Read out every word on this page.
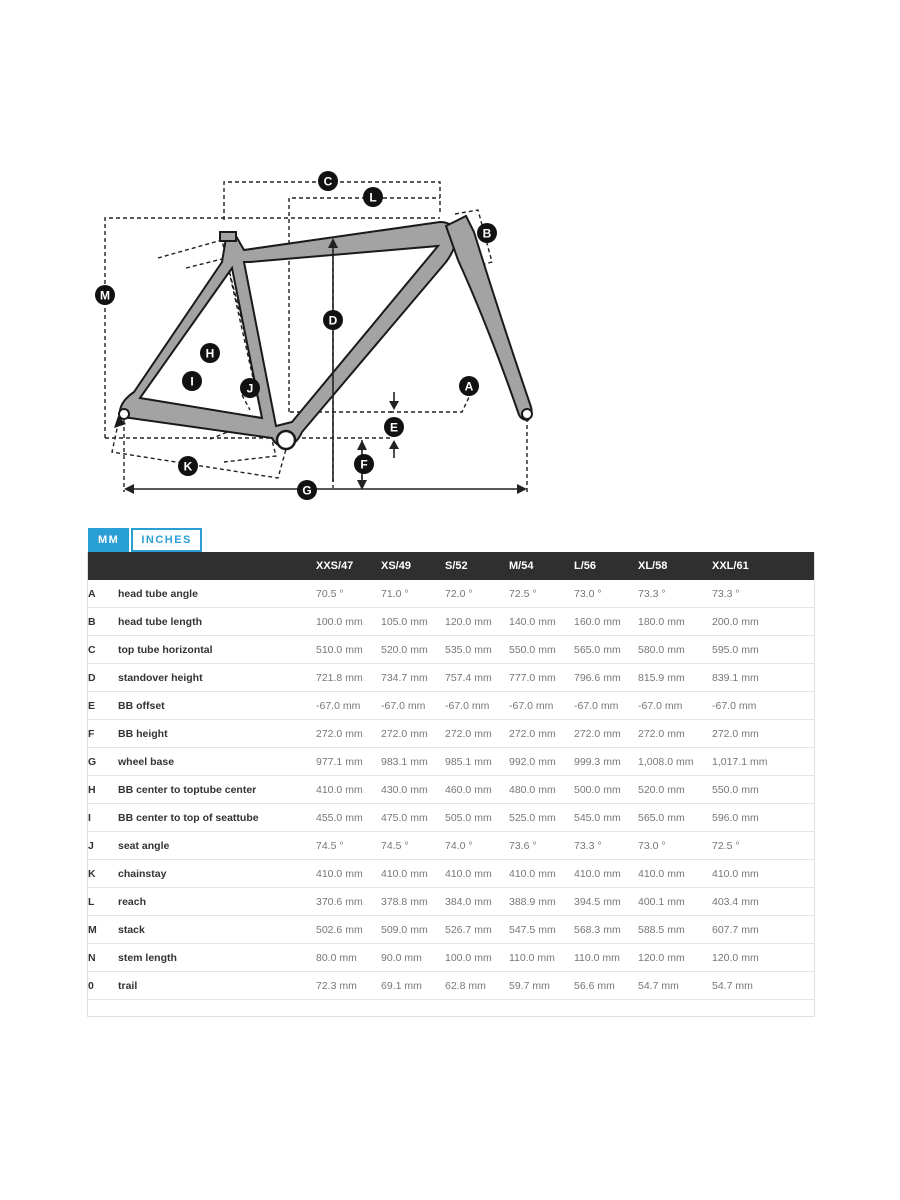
A
B
C
D
E
F
G
H
I	J
K
L
M
MM	INCHES
		XXS/47	XS/49	S/52	M/54	L/56	XL/58	XXL/61
A	head tube angle	70.5 °	71.0 °	72.0 °	72.5 °	73.0 °	73.3 °	73.3 °
B	head tube length	100.0 mm	105.0 mm	120.0 mm	140.0 mm	160.0 mm	180.0 mm	200.0 mm
C	top tube horizontal	510.0 mm	520.0 mm	535.0 mm	550.0 mm	565.0 mm	580.0 mm	595.0 mm
D	standover height	721.8 mm	734.7 mm	757.4 mm	777.0 mm	796.6 mm	815.9 mm	839.1 mm
E	BB offset	-67.0 mm	-67.0 mm	-67.0 mm	-67.0 mm	-67.0 mm	-67.0 mm	-67.0 mm
F	BB height	272.0 mm	272.0 mm	272.0 mm	272.0 mm	272.0 mm	272.0 mm	272.0 mm
G	wheel base	977.1 mm	983.1 mm	985.1 mm	992.0 mm	999.3 mm	1,008.0 mm	1,017.1 mm
H	BB center to toptube center	410.0 mm	430.0 mm	460.0 mm	480.0 mm	500.0 mm	520.0 mm	550.0 mm
I	BB center to top of seattube	455.0 mm	475.0 mm	505.0 mm	525.0 mm	545.0 mm	565.0 mm	596.0 mm
J	seat angle	74.5 °	74.5 °	74.0 °	73.6 °	73.3 °	73.0 °	72.5 °
K	chainstay	410.0 mm	410.0 mm	410.0 mm	410.0 mm	410.0 mm	410.0 mm	410.0 mm
L	reach	370.6 mm	378.8 mm	384.0 mm	388.9 mm	394.5 mm	400.1 mm	403.4 mm
M	stack	502.6 mm	509.0 mm	526.7 mm	547.5 mm	568.3 mm	588.5 mm	607.7 mm
N	stem length	80.0 mm	90.0 mm	100.0 mm	110.0 mm	110.0 mm	120.0 mm	120.0 mm
0	trail	72.3 mm	69.1 mm	62.8 mm	59.7 mm	56.6 mm	54.7 mm	54.7 mm
